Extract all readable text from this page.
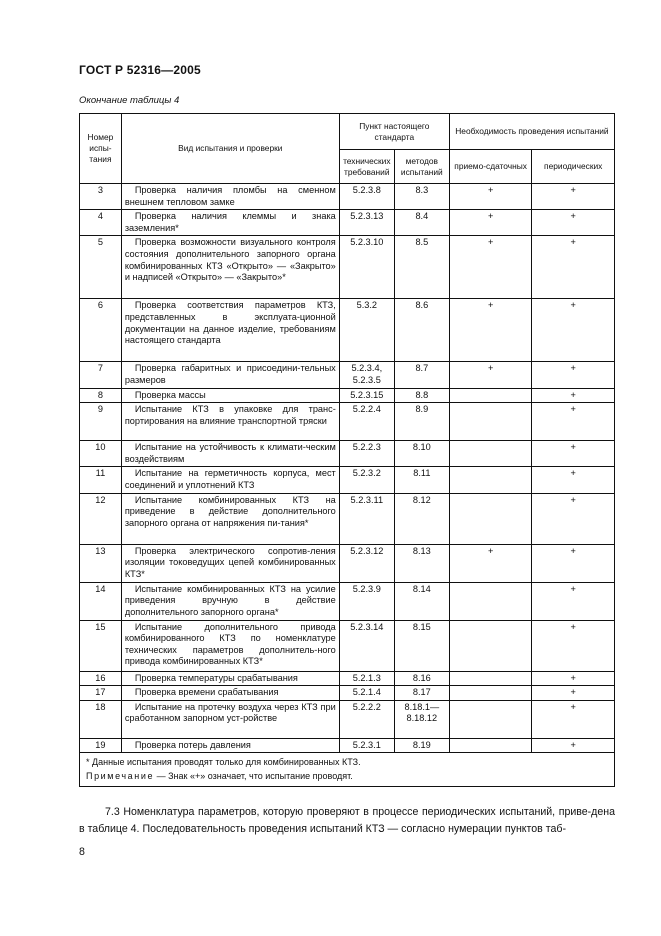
ГОСТ Р 52316—2005
Окончание таблицы 4
Номер испы-тания	Вид испытания и проверки	Пункт настоящего стандарта		Необходимость проведения испытаний	
		технических требований	методов испытаний	приемо-сдаточных	периодических
3	Проверка наличия пломбы на сменном внешнем тепловом замке	5.2.3.8	8.3	+	+
4	Проверка наличия клеммы и знака заземления*	5.2.3.13	8.4	+	+
5	Проверка возможности визуального контроля состояния дополнительного запорного органа комбинированных КТЗ «Открыто» — «Закрыто» и надписей «Открыто» — «Закрыто»*	5.2.3.10	8.5	+	+
6	Проверка соответствия параметров КТЗ, представленных в эксплуата-ционной документации на данное изделие, требованиям настоящего стандарта	5.3.2	8.6	+	+
7	Проверка габаритных и присоедини-тельных размеров	5.2.3.4, 5.2.3.5	8.7	+	+
8	Проверка массы	5.2.3.15	8.8		+
9	Испытание КТЗ в упаковке для транс-портирования на влияние транспортной тряски	5.2.2.4	8.9		+
10	Испытание на устойчивость к климати-ческим воздействиям	5.2.2.3	8.10		+
11	Испытание на герметичность корпуса, мест соединений и уплотнений КТЗ	5.2.3.2	8.11		+
12	Испытание комбинированных КТЗ на приведение в действие дополнительного запорного органа от напряжения пи-тания*	5.2.3.11	8.12		+
13	Проверка электрического сопротив-ления изоляции токоведущих цепей комбинированных КТЗ*	5.2.3.12	8.13	+	+
14	Испытание комбинированных КТЗ на усилие приведения вручную в действие дополнительного запорного органа*	5.2.3.9	8.14		+
15	Испытание дополнительного привода комбинированного КТЗ по номенклатуре технических параметров дополнитель-ного привода комбинированных КТЗ*	5.2.3.14	8.15		+
16	Проверка температуры срабатывания	5.2.1.3	8.16		+
17	Проверка времени срабатывания	5.2.1.4	8.17		+
18	Испытание на протечку воздуха через КТЗ при сработанном запорном уст-ройстве	5.2.2.2	8.18.1— 8.18.12		+
19	Проверка потерь давления	5.2.3.1	8.19		+

* Данные испытания проводят только для комбинированных КТЗ.
Примечание — Знак «+» означает, что испытание проводят.					
7.3 Номенклатура параметров, которую проверяют в процессе периодических испытаний, приве-дена в таблице 4. Последовательность проведения испытаний КТЗ — согласно нумерации пунктов таб-
8
